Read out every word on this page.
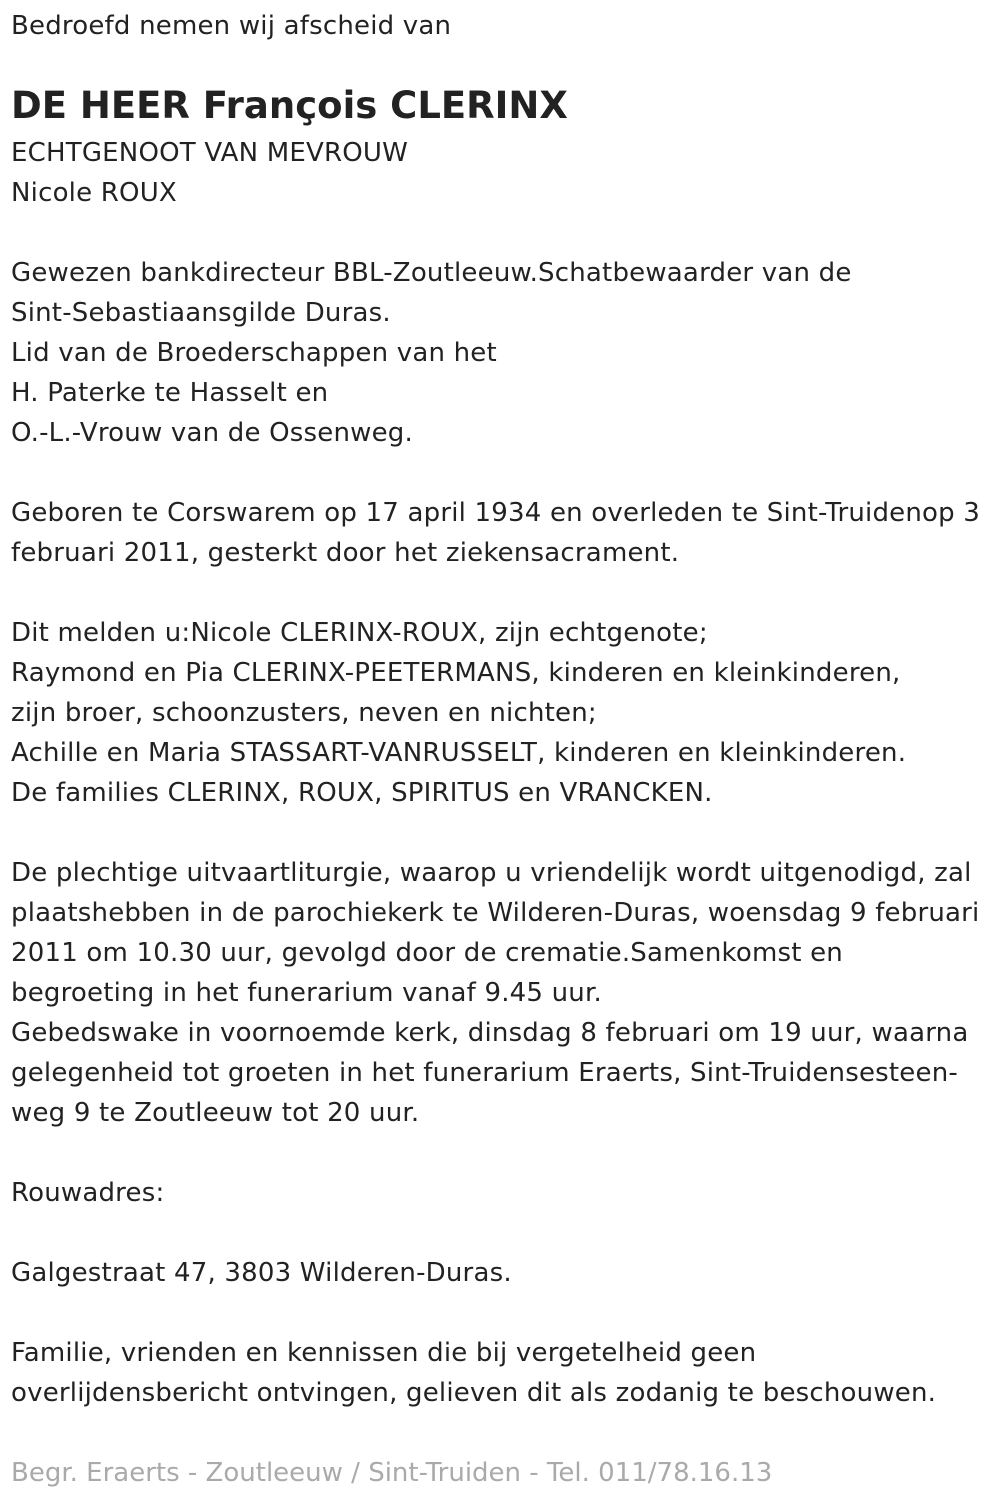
Bedroefd nemen wij afscheid van
DE HEER François CLERINX
ECHTGENOOT VAN MEVROUW
Nicole ROUX
Gewezen bankdirecteur BBL-Zoutleeuw.Schatbewaarder van de
Sint-Sebastiaansgilde Duras.
Lid van de Broederschappen van het
H. Paterke te Hasselt en
O.-L.-Vrouw van de Ossenweg.
Geboren te Corswarem op 17 april 1934 en overleden te Sint-Truidenop 3
februari 2011, gesterkt door het ziekensacrament.
Dit melden u:Nicole CLERINX-ROUX, zijn echtgenote;
Raymond en Pia CLERINX-PEETERMANS, kinderen en kleinkinderen,
zijn broer, schoonzusters, neven en nichten;
Achille en Maria STASSART-VANRUSSELT, kinderen en kleinkinderen.
De families CLERINX, ROUX, SPIRITUS en VRANCKEN.
De plechtige uitvaartliturgie, waarop u vriendelijk wordt uitgenodigd, zal
plaatshebben in de parochiekerk te Wilderen-Duras, woensdag 9 februari
2011 om 10.30 uur, gevolgd door de crematie.Samenkomst en
begroeting in het funerarium vanaf 9.45 uur.
Gebedswake in voornoemde kerk, dinsdag 8 februari om 19 uur, waarna
gelegenheid tot groeten in het funerarium Eraerts, Sint-Truidensesteen-
weg 9 te Zoutleeuw tot 20 uur.
Rouwadres:
Galgestraat 47, 3803 Wilderen-Duras.
Familie, vrienden en kennissen die bij vergetelheid geen
overlijdensbericht ontvingen, gelieven dit als zodanig te beschouwen.
Begr. Eraerts - Zoutleeuw / Sint-Truiden - Tel. 011/78.16.13
